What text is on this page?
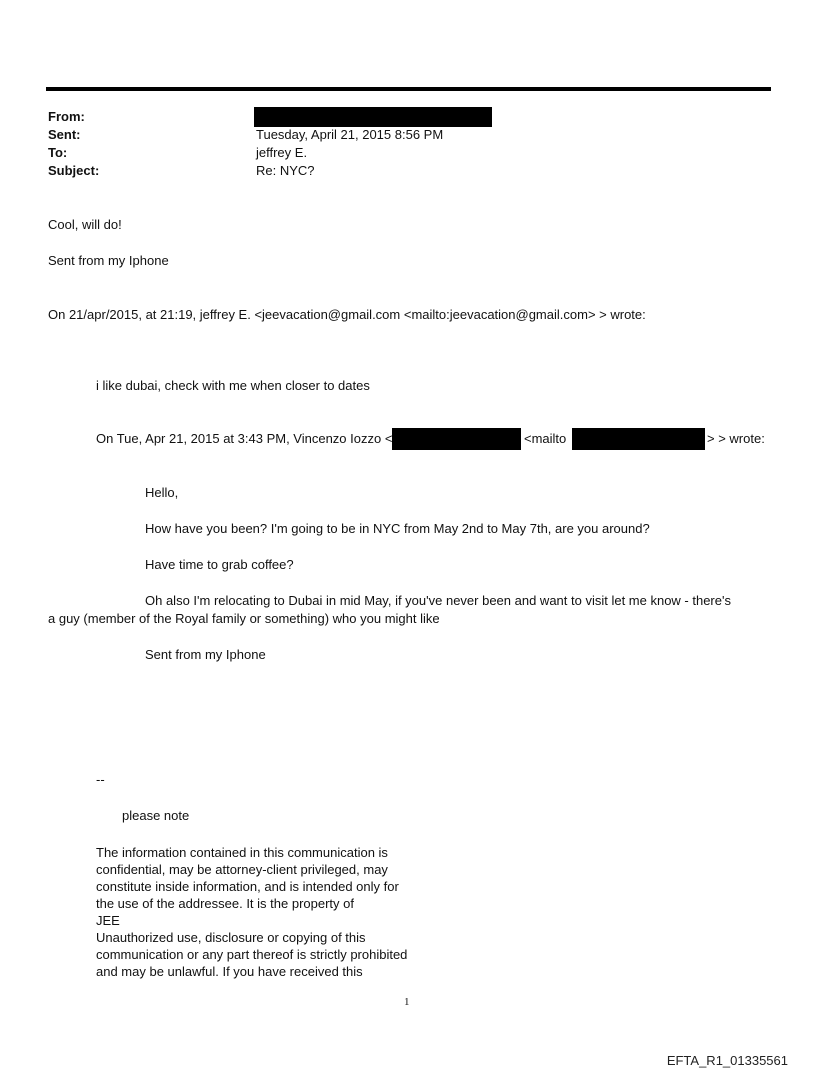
From:
Sent:	Tuesday, April 21, 2015 8:56 PM
To:	jeffrey E.
Subject:	Re: NYC?
Cool, will do!
Sent from my Iphone
On 21/apr/2015, at 21:19, jeffrey E. <jeevacation@gmail.com <mailto:jeevacation@gmail.com> > wrote:
i like dubai, check with me when closer to dates
On Tue, Apr 21, 2015 at 3:43 PM, Vincenzo Iozzo <	<mailto	> > wrote:
Hello,
How have you been? I'm going to be in NYC from May 2nd to May 7th, are you around?
Have time to grab coffee?
Oh also I'm relocating to Dubai in mid May, if you've never been and want to visit let me know - there's
a guy (member of the Royal family or something) who you might like
Sent from my Iphone
--
please note
The information contained in this communication is
confidential, may be attorney-client privileged, may
constitute inside information, and is intended only for
the use of the addressee. It is the property of
JEE
Unauthorized use, disclosure or copying of this
communication or any part thereof is strictly prohibited
and may be unlawful. If you have received this
1
EFTA_R1_01335561
